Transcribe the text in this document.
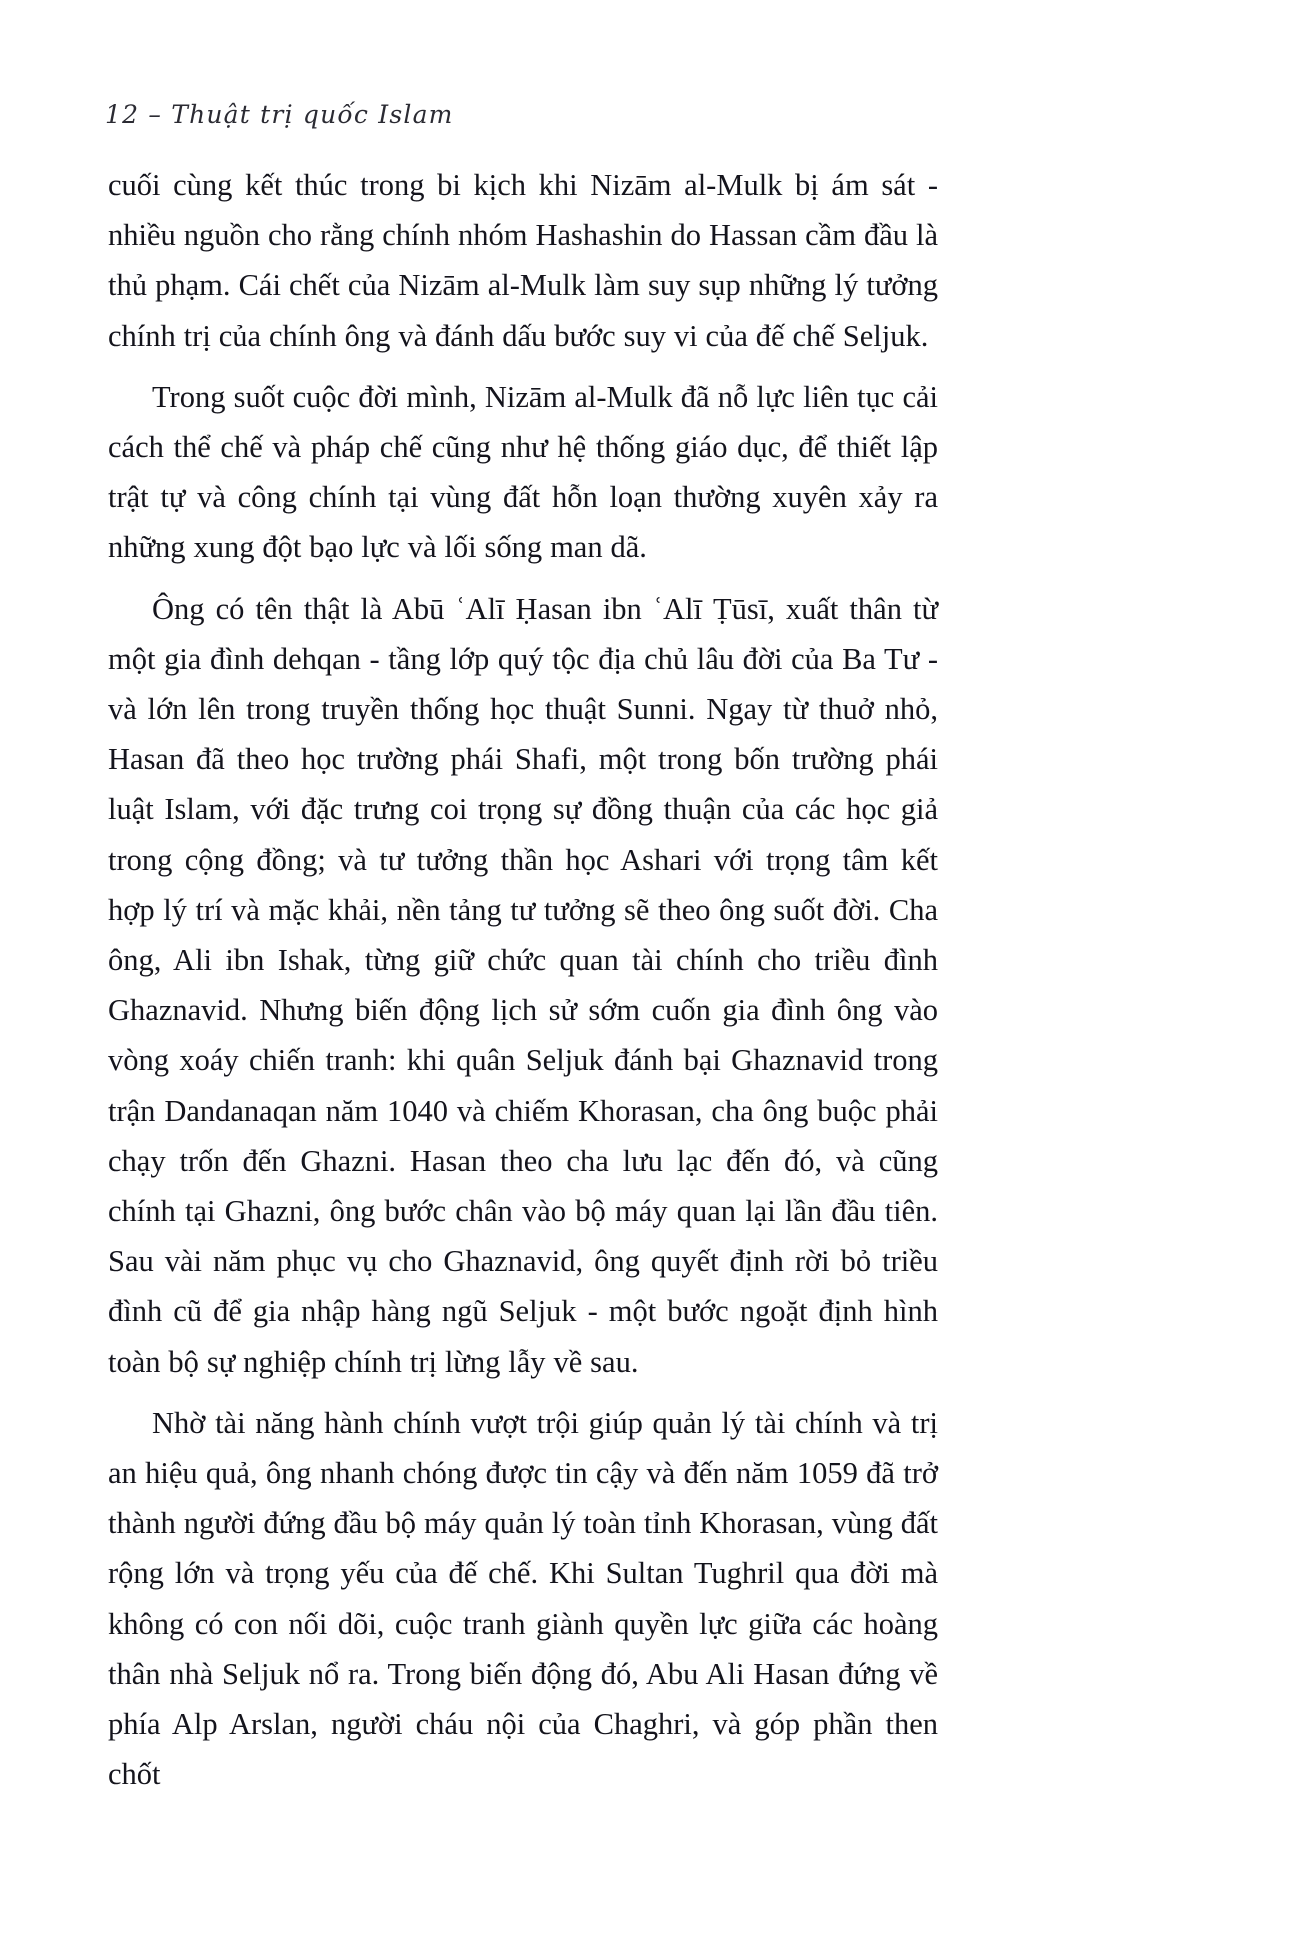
12 – Thuật trị quốc Islam

cuối cùng kết thúc trong bi kịch khi Nizām al-Mulk bị ám sát - nhiều nguồn cho rằng chính nhóm Hashashin do Hassan cầm đầu là thủ phạm. Cái chết của Nizām al-Mulk làm suy sụp những lý tưởng chính trị của chính ông và đánh dấu bước suy vi của đế chế Seljuk.

Trong suốt cuộc đời mình, Nizām al-Mulk đã nỗ lực liên tục cải cách thể chế và pháp chế cũng như hệ thống giáo dục, để thiết lập trật tự và công chính tại vùng đất hỗn loạn thường xuyên xảy ra những xung đột bạo lực và lối sống man dã.

Ông có tên thật là Abū ʿAlī Ḥasan ibn ʿAlī Ṭūsī, xuất thân từ một gia đình dehqan - tầng lớp quý tộc địa chủ lâu đời của Ba Tư - và lớn lên trong truyền thống học thuật Sunni. Ngay từ thuở nhỏ, Hasan đã theo học trường phái Shafi, một trong bốn trường phái luật Islam, với đặc trưng coi trọng sự đồng thuận của các học giả trong cộng đồng; và tư tưởng thần học Ashari với trọng tâm kết hợp lý trí và mặc khải, nền tảng tư tưởng sẽ theo ông suốt đời. Cha ông, Ali ibn Ishak, từng giữ chức quan tài chính cho triều đình Ghaznavid. Nhưng biến động lịch sử sớm cuốn gia đình ông vào vòng xoáy chiến tranh: khi quân Seljuk đánh bại Ghaznavid trong trận Dandanaqan năm 1040 và chiếm Khorasan, cha ông buộc phải chạy trốn đến Ghazni. Hasan theo cha lưu lạc đến đó, và cũng chính tại Ghazni, ông bước chân vào bộ máy quan lại lần đầu tiên. Sau vài năm phục vụ cho Ghaznavid, ông quyết định rời bỏ triều đình cũ để gia nhập hàng ngũ Seljuk - một bước ngoặt định hình toàn bộ sự nghiệp chính trị lừng lẫy về sau.

Nhờ tài năng hành chính vượt trội giúp quản lý tài chính và trị an hiệu quả, ông nhanh chóng được tin cậy và đến năm 1059 đã trở thành người đứng đầu bộ máy quản lý toàn tỉnh Khorasan, vùng đất rộng lớn và trọng yếu của đế chế. Khi Sultan Tughril qua đời mà không có con nối dõi, cuộc tranh giành quyền lực giữa các hoàng thân nhà Seljuk nổ ra. Trong biến động đó, Abu Ali Hasan đứng về phía Alp Arslan, người cháu nội của Chaghri, và góp phần then chốt
